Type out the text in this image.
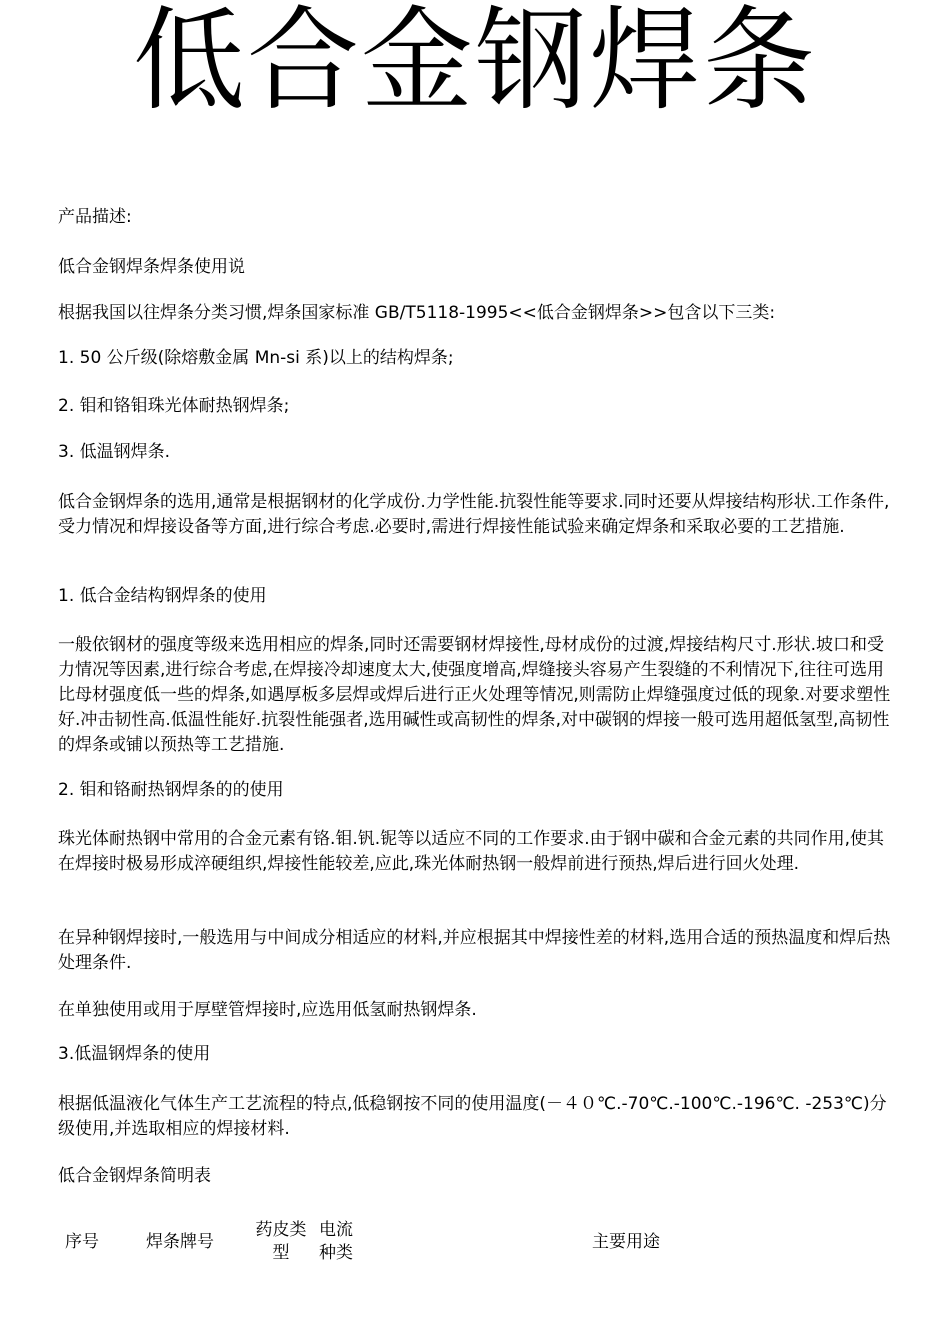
低合金钢焊条

产品描述:

低合金钢焊条焊条使用说

根据我国以往焊条分类习惯,焊条国家标准 GB/T5118-1995<<低合金钢焊条>>包含以下三类:

1. 50 公斤级(除熔敷金属 Mn-si 系)以上的结构焊条;

2. 钼和铬钼珠光体耐热钢焊条;

3. 低温钢焊条.

低合金钢焊条的选用,通常是根据钢材的化学成份.力学性能.抗裂性能等要求.同时还要从焊接结构形状.工作条件,受力情况和焊接设备等方面,进行综合考虑.必要时,需进行焊接性能试验来确定焊条和采取必要的工艺措施.

1. 低合金结构钢焊条的使用

一般依钢材的强度等级来选用相应的焊条,同时还需要钢材焊接性,母材成份的过渡,焊接结构尺寸.形状.坡口和受力情况等因素,进行综合考虑,在焊接冷却速度太大,使强度增高,焊缝接头容易产生裂缝的不利情况下,往往可选用比母材强度低一些的焊条,如遇厚板多层焊或焊后进行正火处理等情况,则需防止焊缝强度过低的现象.对要求塑性好.冲击韧性高.低温性能好.抗裂性能强者,选用碱性或高韧性的焊条,对中碳钢的焊接一般可选用超低氢型,高韧性的焊条或铺以预热等工艺措施.

2. 钼和铬耐热钢焊条的的使用

珠光体耐热钢中常用的合金元素有铬.钼.钒.铌等以适应不同的工作要求.由于钢中碳和合金元素的共同作用,使其在焊接时极易形成淬硬组织,焊接性能较差,应此,珠光体耐热钢一般焊前进行预热,焊后进行回火处理.

在异种钢焊接时,一般选用与中间成分相适应的材料,并应根据其中焊接性差的材料,选用合适的预热温度和焊后热处理条件.

在单独使用或用于厚壁管焊接时,应选用低氢耐热钢焊条.

3.低温钢焊条的使用

根据低温液化气体生产工艺流程的特点,低稳钢按不同的使用温度(－４０℃.-70℃.-100℃.-196℃. -253℃)分级使用,并选取相应的焊接材料.

低合金钢焊条简明表

序号	焊条牌号
药皮类型
电流种类
主要用途
